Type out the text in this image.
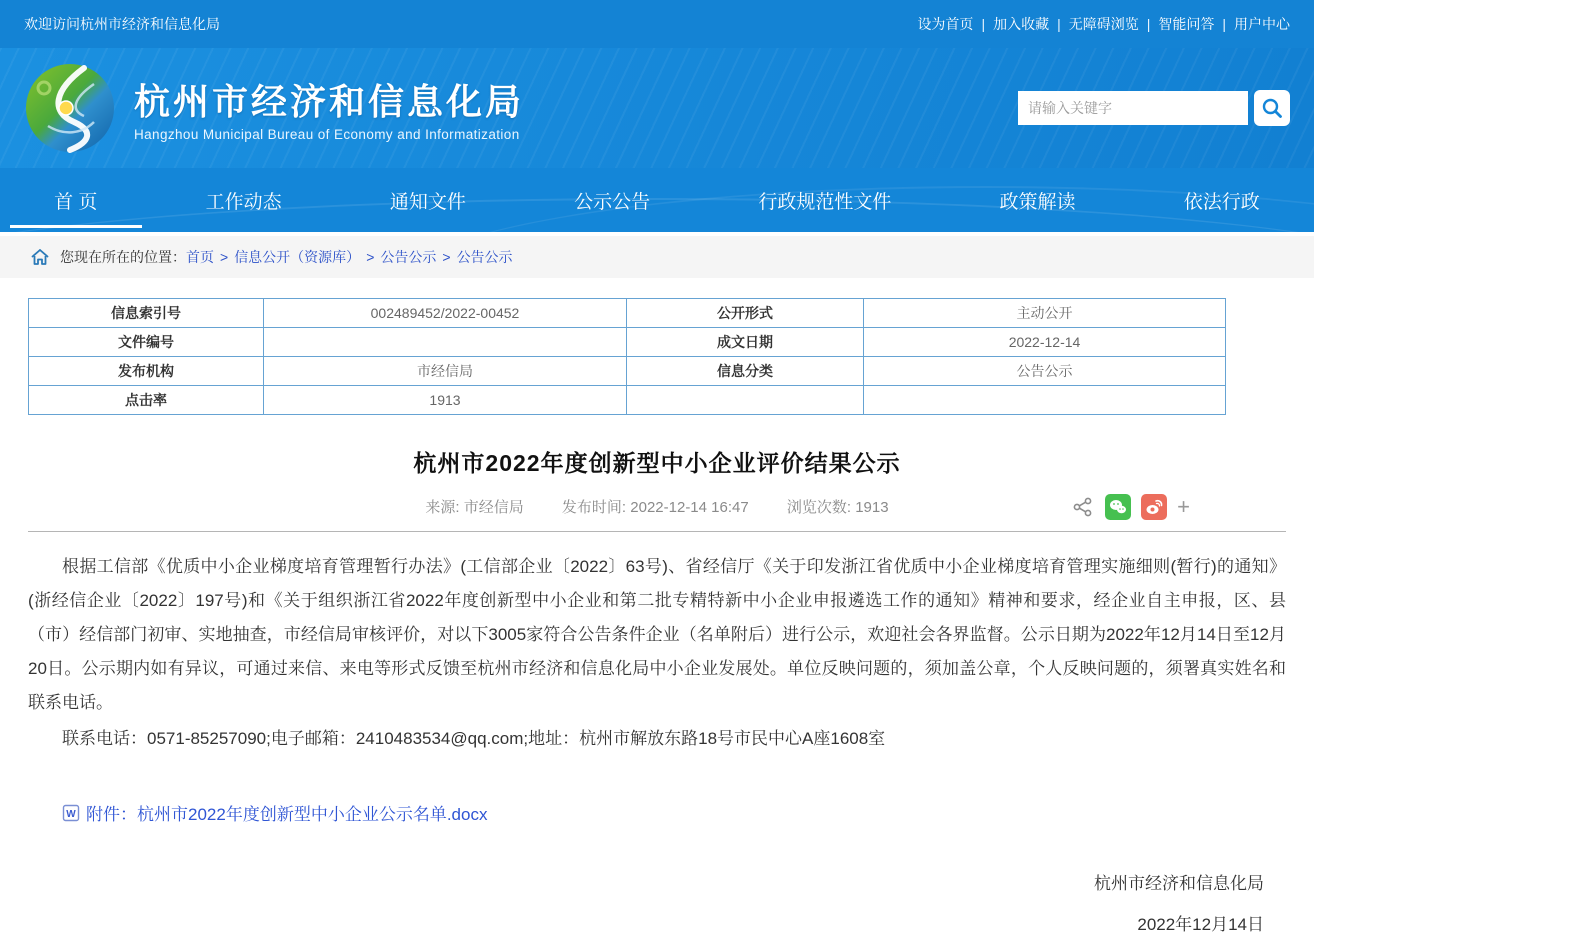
欢迎访问杭州市经济和信息化局	设为首页 | 加入收藏 | 无障碍浏览 | 智能问答 | 用户中心
杭州市经济和信息化局
Hangzhou Municipal Bureau of Economy and Informatization
请输入关键字
首 页	工作动态	通知文件	公示公告	行政规范性文件	政策解读	依法行政
您现在所在的位置： 首页 > 信息公开（资源库） > 公告公示 > 公告公示
信息索引号	002489452/2022-00452	公开形式	主动公开
文件编号		成文日期	2022-12-14
发布机构	市经信局	信息分类	公告公示
点击率	1913		
杭州市2022年度创新型中小企业评价结果公示
来源: 市经信局	发布时间: 2022-12-14 16:47	浏览次数: 1913	+

根据工信部《优质中小企业梯度培育管理暂行办法》(工信部企业〔2022〕63号)、省经信厅《关于印发浙江省优质中小企业梯度培育管理实施细则(暂行)的通知》(浙经信企业〔2022〕197号)和《关于组织浙江省2022年度创新型中小企业和第二批专精特新中小企业申报遴选工作的通知》精神和要求，经企业自主申报，区、县（市）经信部门初审、实地抽查，市经信局审核评价，对以下3005家符合公告条件企业（名单附后）进行公示，欢迎社会各界监督。公示日期为2022年12月14日至12月20日。公示期内如有异议，可通过来信、来电等形式反馈至杭州市经济和信息化局中小企业发展处。单位反映问题的，须加盖公章，个人反映问题的，须署真实姓名和联系电话。

联系电话：0571-85257090;电子邮箱：2410483534@qq.com;地址：杭州市解放东路18号市民中心A座1608室

W 附件：杭州市2022年度创新型中小企业公示名单.docx
杭州市经济和信息化局
2022年12月14日
